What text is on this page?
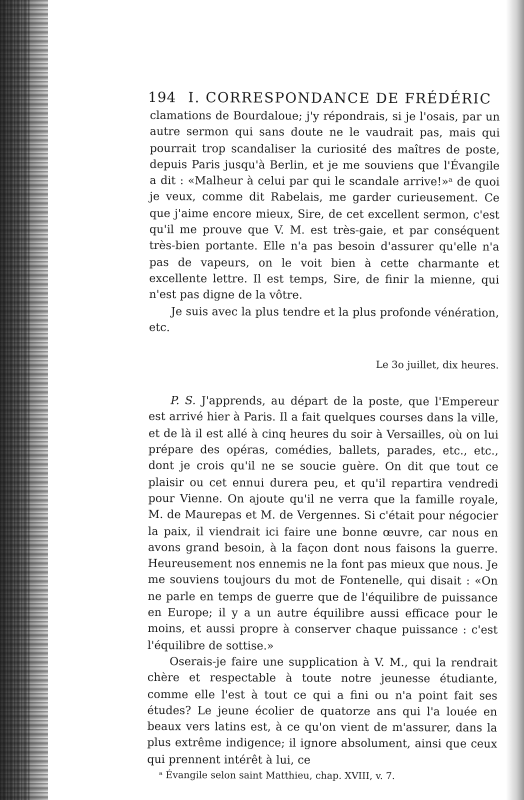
194 I. CORRESPONDANCE DE FRÉDÉRIC

clamations de Bourdaloue; j'y répondrais, si je l'osais, par un autre sermon qui sans doute ne le vaudrait pas, mais qui pourrait trop scandaliser la curiosité des maîtres de poste, depuis Paris jusqu'à Berlin, et je me souviens que l'Évangile a dit : «Malheur à celui par qui le scandale arrive!»ᵃ de quoi je veux, comme dit Rabelais, me garder curieusement. Ce que j'aime encore mieux, Sire, de cet excellent sermon, c'est qu'il me prouve que V. M. est très-gaie, et par conséquent très-bien portante. Elle n'a pas besoin d'assurer qu'elle n'a pas de vapeurs, on le voit bien à cette charmante et excellente lettre. Il est temps, Sire, de finir la mienne, qui n'est pas digne de la vôtre.

Je suis avec la plus tendre et la plus profonde vénération, etc.

Le 3o juillet, dix heures.

P. S. J'apprends, au départ de la poste, que l'Empereur est arrivé hier à Paris. Il a fait quelques courses dans la ville, et de là il est allé à cinq heures du soir à Versailles, où on lui prépare des opéras, comédies, ballets, parades, etc., etc., dont je crois qu'il ne se soucie guère. On dit que tout ce plaisir ou cet ennui durera peu, et qu'il repartira vendredi pour Vienne. On ajoute qu'il ne verra que la famille royale, M. de Maurepas et M. de Vergennes. Si c'était pour négocier la paix, il viendrait ici faire une bonne œuvre, car nous en avons grand besoin, à la façon dont nous faisons la guerre. Heureusement nos ennemis ne la font pas mieux que nous. Je me souviens toujours du mot de Fontenelle, qui disait : «On ne parle en temps de guerre que de l'équilibre de puissance en Europe; il y a un autre équilibre aussi efficace pour le moins, et aussi propre à conserver chaque puissance : c'est l'équilibre de sottise.»

Oserais-je faire une supplication à V. M., qui la rendrait chère et respectable à toute notre jeunesse étudiante, comme elle l'est à tout ce qui a fini ou n'a point fait ses études? Le jeune écolier de quatorze ans qui l'a louée en beaux vers latins est, à ce qu'on vient de m'assurer, dans la plus extrême indigence; il ignore absolument, ainsi que ceux qui prennent intérêt à lui, ce

ᵃ Évangile selon saint Matthieu, chap. XVIII, v. 7.
